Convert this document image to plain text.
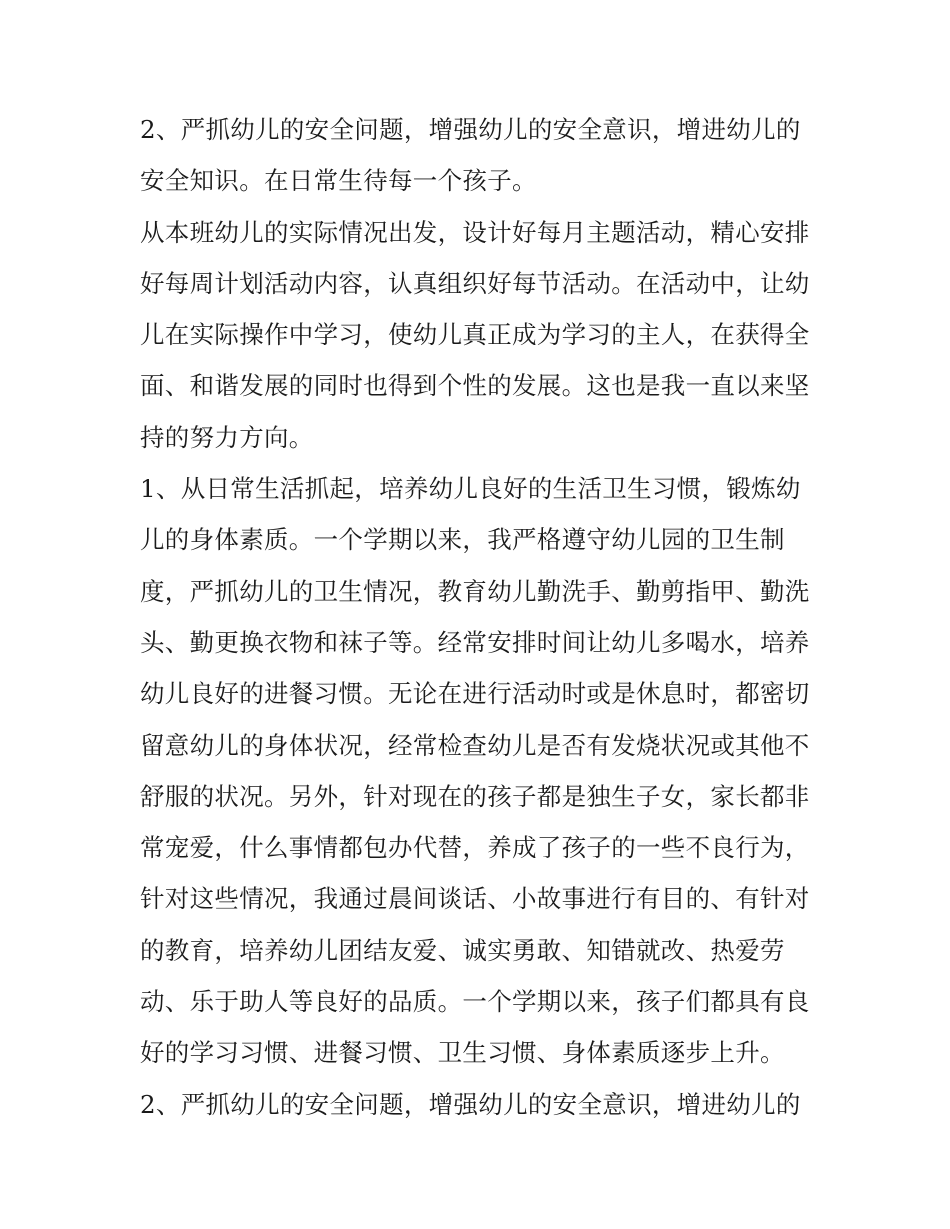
2、严抓幼儿的安全问题，增强幼儿的安全意识，增进幼儿的
安全知识。在日常生待每一个孩子。
从本班幼儿的实际情况出发，设计好每月主题活动，精心安排
好每周计划活动内容，认真组织好每节活动。在活动中，让幼
儿在实际操作中学习，使幼儿真正成为学习的主人，在获得全
面、和谐发展的同时也得到个性的发展。这也是我一直以来坚
持的努力方向。
1、从日常生活抓起，培养幼儿良好的生活卫生习惯，锻炼幼
儿的身体素质。一个学期以来，我严格遵守幼儿园的卫生制
度，严抓幼儿的卫生情况，教育幼儿勤洗手、勤剪指甲、勤洗
头、勤更换衣物和袜子等。经常安排时间让幼儿多喝水，培养
幼儿良好的进餐习惯。无论在进行活动时或是休息时，都密切
留意幼儿的身体状况，经常检查幼儿是否有发烧状况或其他不
舒服的状况。另外，针对现在的孩子都是独生子女，家长都非
常宠爱，什么事情都包办代替，养成了孩子的一些不良行为，
针对这些情况，我通过晨间谈话、小故事进行有目的、有针对
的教育，培养幼儿团结友爱、诚实勇敢、知错就改、热爱劳
动、乐于助人等良好的品质。一个学期以来，孩子们都具有良
好的学习习惯、进餐习惯、卫生习惯、身体素质逐步上升。
2、严抓幼儿的安全问题，增强幼儿的安全意识，增进幼儿的
